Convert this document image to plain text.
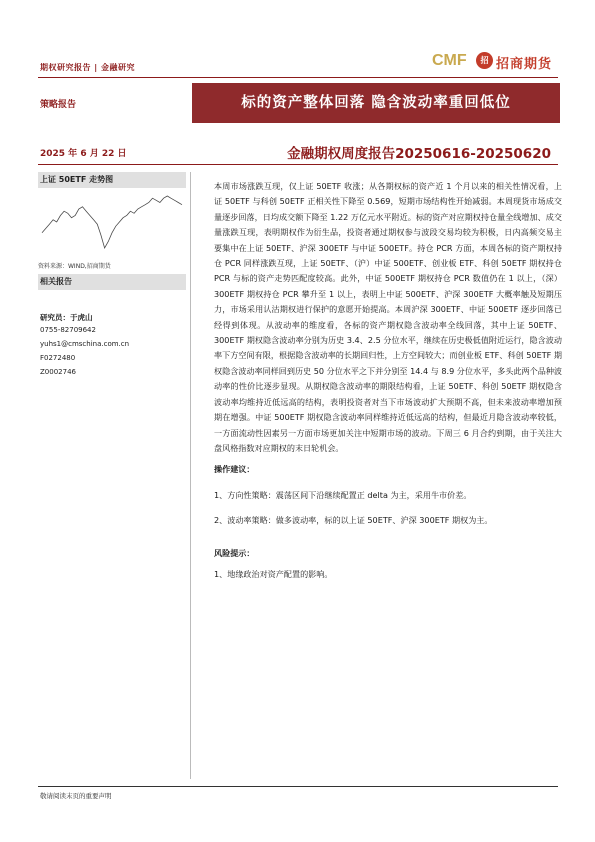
期权研究报告 | 金融研究	CMF	招 招商期货
策略报告	标的资产整体回落 隐含波动率重回低位
2025 年 6 月 22 日	金融期权周度报告20250616-20250620
上证 50ETF 走势图
资料来源：WIND,招商期货
相关报告
研究员：于虎山
0755-82709642
yuhs1@cmschina.com.cn
F0272480
Z0002746

本周市场涨跌互现，仅上证 50ETF 收涨；从各期权标的资产近 1 个月以来的相关性情况看，上证 50ETF 与科创 50ETF 正相关性下降至 0.569，短期市场结构性开始减弱。本周现货市场成交量逐步回落，日均成交额下降至 1.22 万亿元水平附近。标的资产对应期权持仓量全线增加、成交量涨跌互现，表明期权作为衍生品，投资者通过期权参与波段交易均较为积极，日内高频交易主要集中在上证 50ETF、沪深 300ETF 与中证 500ETF。持仓 PCR 方面，本周各标的资产期权持仓 PCR 同样涨跌互现，上证 50ETF、（沪）中证 500ETF、创业板 ETF、科创 50ETF 期权持仓 PCR 与标的资产走势匹配度较高。此外，中证 500ETF 期权持仓 PCR 数值仍在 1 以上，（深）300ETF 期权持仓 PCR 攀升至 1 以上，表明上中证 500ETF、沪深 300ETF 大概率触及短期压力，市场采用认沽期权进行保护的意愿开始提高。本周沪深 300ETF、中证 500ETF 逐步回落已经得到体现。从波动率的维度看，各标的资产期权隐含波动率全线回落，其中上证 50ETF、300ETF 期权隐含波动率分别为历史 3.4、2.5 分位水平，继续在历史极低值附近运行，隐含波动率下方空间有限，根据隐含波动率的长期回归性，上方空间较大；而创业板 ETF、科创 50ETF 期权隐含波动率同样回到历史 50 分位水平之下并分别至 14.4 与 8.9 分位水平，多头此两个品种波动率的性价比逐步显现。从期权隐含波动率的期限结构看，上证 50ETF、科创 50ETF 期权隐含波动率均维持近低远高的结构，表明投资者对当下市场波动扩大预期不高，但未来波动率增加预期在增强。中证 500ETF 期权隐含波动率同样维持近低远高的结构，但最近月隐含波动率较低，一方面流动性因素另一方面市场更加关注中短期市场的波动。下周三 6 月合约到期，由于关注大盘风格指数对应期权的末日轮机会。

操作建议：

1、方向性策略：震荡区间下沿继续配置正 delta 为主，采用牛市价差。

2、波动率策略：做多波动率，标的以上证 50ETF、沪深 300ETF 期权为主。

风险提示：

1、地缘政治对资产配置的影响。

敬请阅读末页的重要声明
